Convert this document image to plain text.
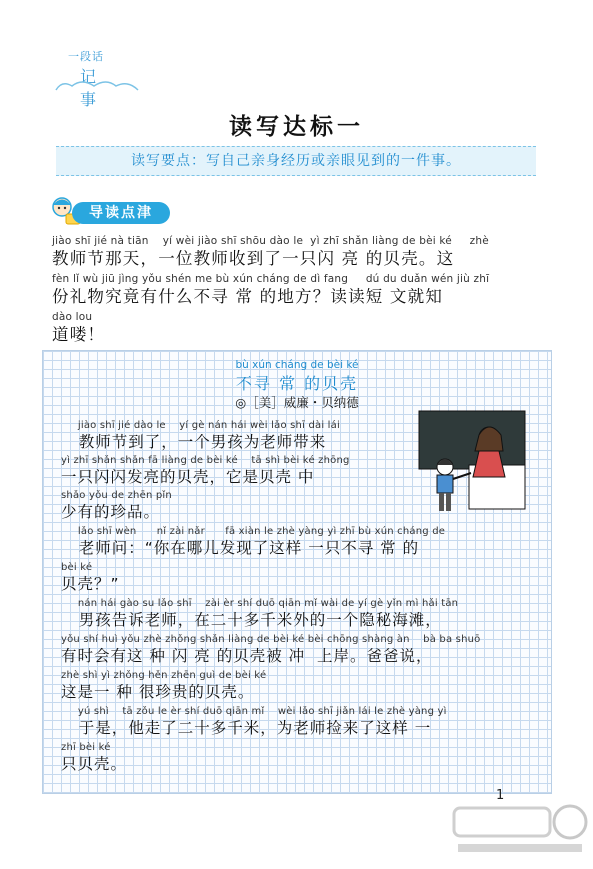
一段话
记 事
读写达标一
读写要点：写自己亲身经历或亲眼见到的一件事。
导读点津
jiào shī jié nà tiān    yí wèi jiào shī shōu dào le  yì zhī shǎn liàng de bèi ké     zhè
教师节那天，一位教师收到了一只闪 亮 的贝壳。这
fèn lǐ wù jiū jìng yǒu shén me bù xún cháng de dì fang     dú du duǎn wén jiù zhī
份礼物究竟有什么不寻 常 的地方？读读短 文就知
dào lou
道喽！
bù xún cháng de bèi ké
不寻 常 的贝壳
◎［美］威廉・贝纳德
jiào shī jié dào le    yí gè nán hái wèi lǎo shī dài lái
教师节到了，一个男孩为老师带来
yì zhī shǎn shǎn fā liàng de bèi ké    tā shì bèi ké zhōng
一只闪闪发亮的贝壳，它是贝壳 中
shǎo yǒu de zhēn pǐn
少有的珍品。
lǎo shī wèn      nǐ zài nǎr      fā xiàn le zhè yàng yì zhī bù xún cháng de
老师问：“你在哪儿发现了这样 一只不寻 常 的
bèi ké
贝壳？”
nán hái gào su lǎo shī    zài èr shí duō qiān mǐ wài de yí gè yǐn mì hǎi tān
男孩告诉老师，在二十多千米外的一个隐秘海滩，
yǒu shí huì yǒu zhè zhǒng shǎn liàng de bèi ké bèi chōng shàng àn    bà ba shuō
有时会有这 种 闪 亮 的贝壳被 冲  上岸。爸爸说，
zhè shì yì zhǒng hěn zhēn guì de bèi ké
这是一 种 很珍贵的贝壳。
yú shì    tā zǒu le èr shí duō qiān mǐ    wèi lǎo shī jiǎn lái le zhè yàng yì
于是，他走了二十多千米，为老师捡来了这样 一
zhī bèi ké
只贝壳。
1
